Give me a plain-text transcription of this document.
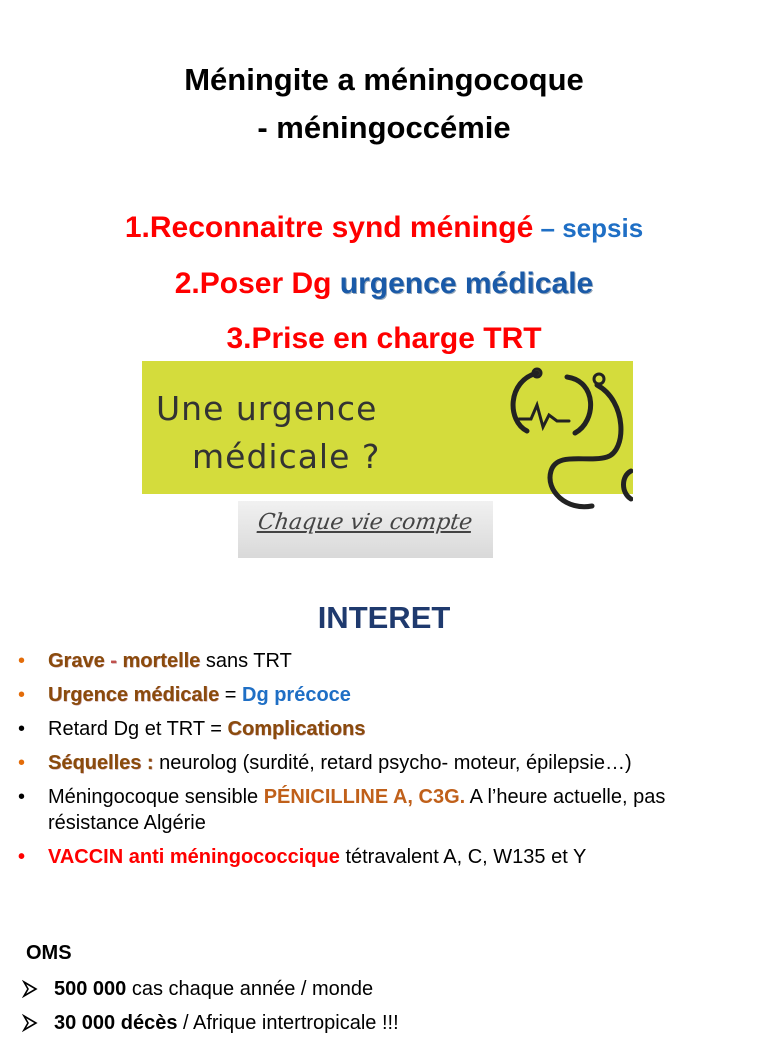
Méningite a méningocoque
- méningoccémie
1.Reconnaitre synd méningé – sepsis
2.Poser Dg urgence médicale
3.Prise en charge TRT
Une urgence
médicale ?
Chaque vie compte
INTERET
• Grave - mortelle sans TRT
• Urgence médicale = Dg précoce
• Retard Dg et TRT = Complications
• Séquelles : neurolog (surdité, retard psycho- moteur, épilepsie…)
• Méningocoque sensible PÉNICILLINE A, C3G. A l’heure actuelle, pas résistance Algérie
• VACCIN anti méningococcique tétravalent A, C, W135 et Y
OMS
500 000 cas chaque année / monde
30 000 décès / Afrique intertropicale !!!
